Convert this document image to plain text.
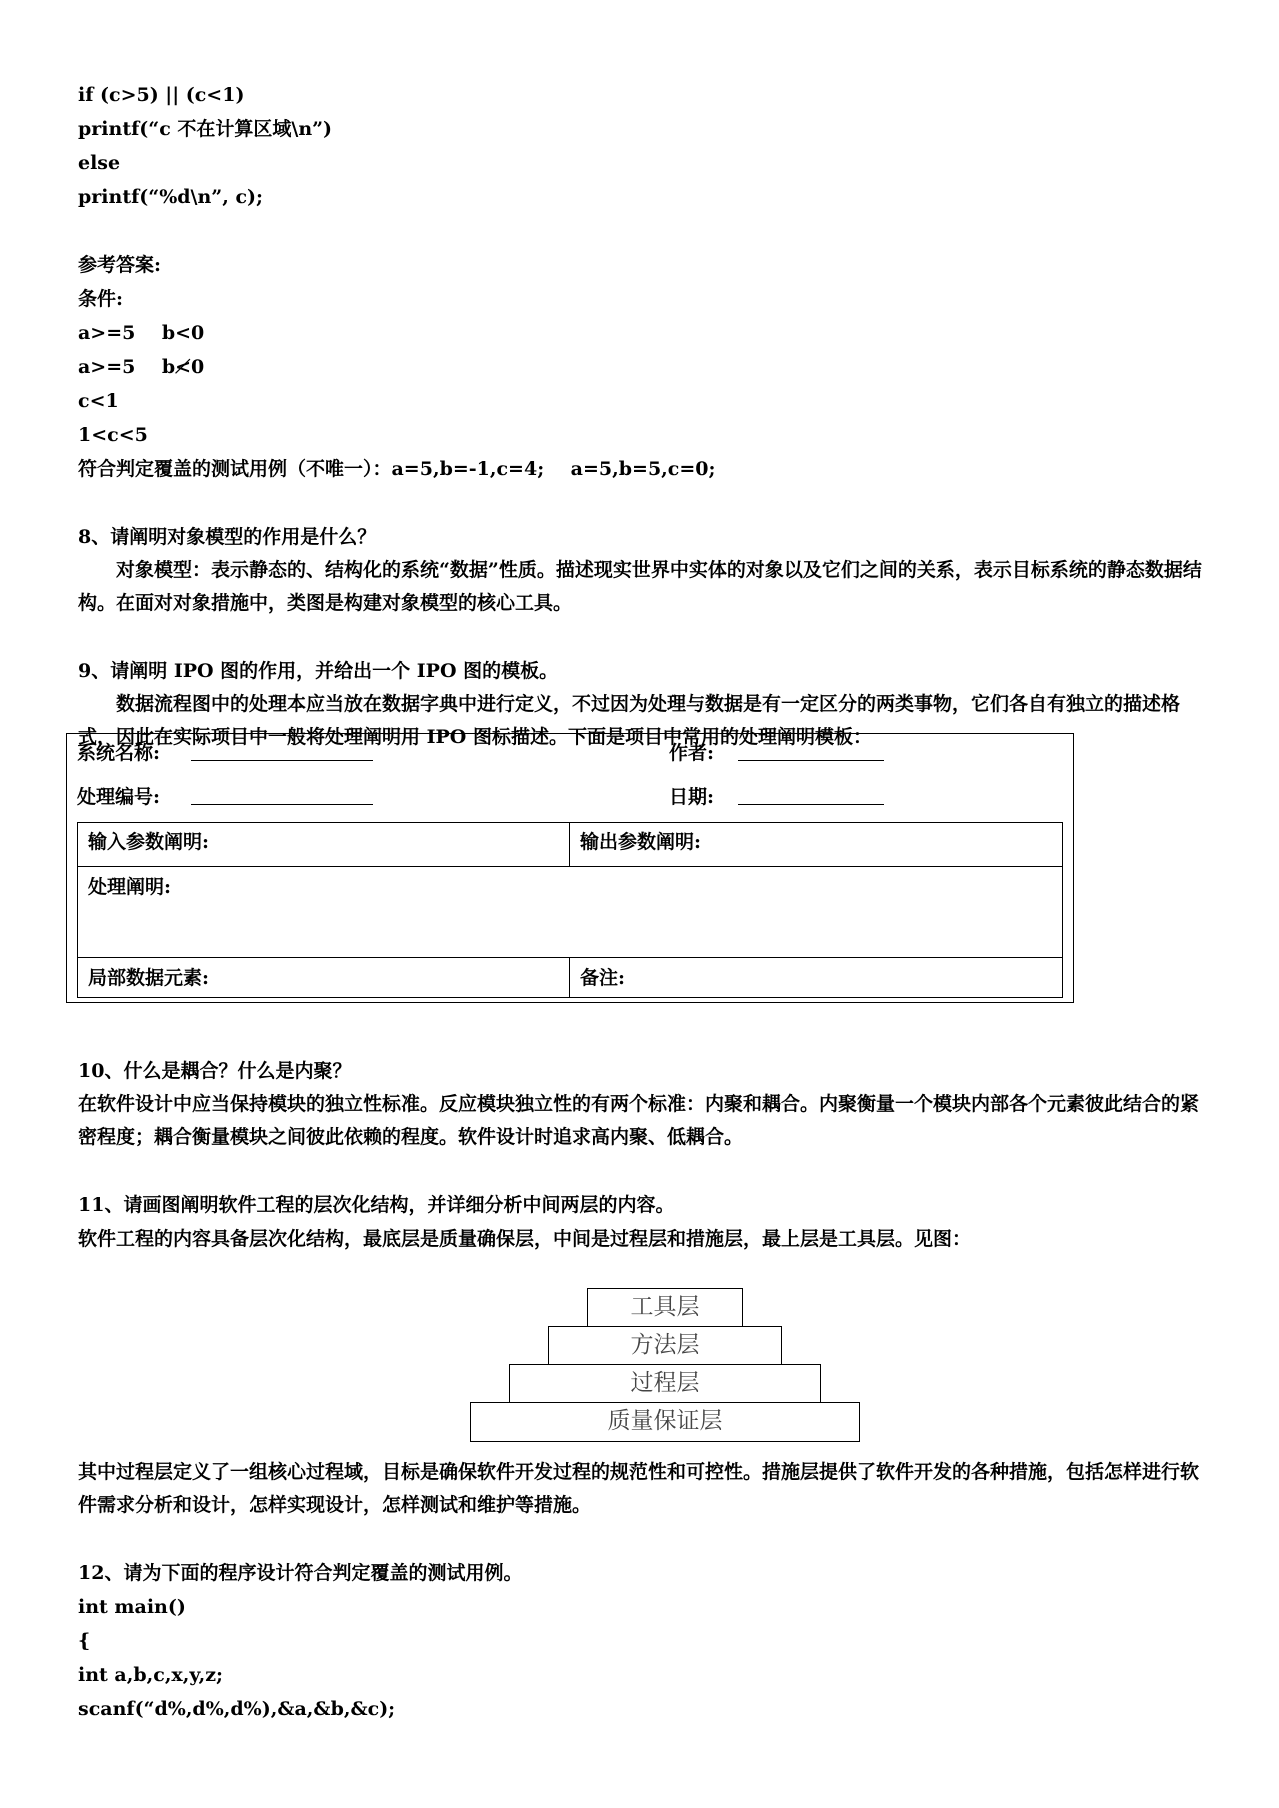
if (c>5) || (c<1)
printf(“c 不在计算区域\n”)
else
printf(“%d\n”, c);
参考答案:
条件:
a>=5    b<0
a>=5    b≮0
c<1
1<c<5
符合判定覆盖的测试用例（不唯一）：a=5,b=-1,c=4;    a=5,b=5,c=0;
8、请阐明对象模型的作用是什么？
对象模型：表示静态的、结构化的系统“数据”性质。描述现实世界中实体的对象以及它们之间的关系，表示目标系统的静态数据结构。在面对对象措施中，类图是构建对象模型的核心工具。
9、请阐明 IPO 图的作用，并给出一个 IPO 图的模板。
数据流程图中的处理本应当放在数据字典中进行定义，不过因为处理与数据是有一定区分的两类事物，它们各自有独立的描述格式，因此在实际项目中一般将处理阐明用 IPO 图标描述。下面是项目中常用的处理阐明模板：
系统名称:	作者:
处理编号:	日期:
输入参数阐明:	输出参数阐明:
处理阐明:
局部数据元素:	备注:
10、什么是耦合？什么是内聚？
在软件设计中应当保持模块的独立性标准。反应模块独立性的有两个标准：内聚和耦合。内聚衡量一个模块内部各个元素彼此结合的紧密程度；耦合衡量模块之间彼此依赖的程度。软件设计时追求高内聚、低耦合。
11、请画图阐明软件工程的层次化结构，并详细分析中间两层的内容。
软件工程的内容具备层次化结构，最底层是质量确保层，中间是过程层和措施层，最上层是工具层。见图：
工具层
方法层
过程层
质量保证层
其中过程层定义了一组核心过程域，目标是确保软件开发过程的规范性和可控性。措施层提供了软件开发的各种措施，包括怎样进行软件需求分析和设计，怎样实现设计，怎样测试和维护等措施。
12、请为下面的程序设计符合判定覆盖的测试用例。
int main()
{
int a,b,c,x,y,z;
scanf(“d%,d%,d%),&a,&b,&c);
